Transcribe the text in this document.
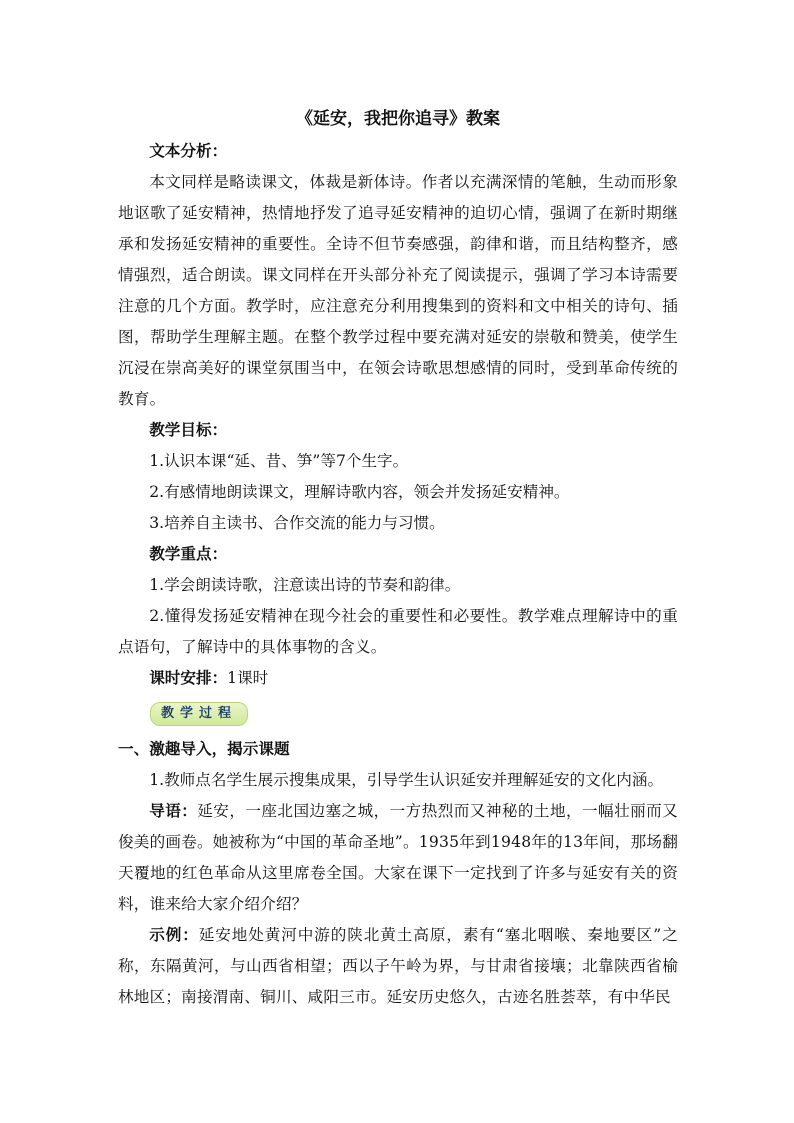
《延安，我把你追寻》教案

文本分析：

本文同样是略读课文，体裁是新体诗。作者以充满深情的笔触，生动而形象地讴歌了延安精神，热情地抒发了追寻延安精神的迫切心情，强调了在新时期继承和发扬延安精神的重要性。全诗不但节奏感强，韵律和谐，而且结构整齐，感情强烈，适合朗读。课文同样在开头部分补充了阅读提示，强调了学习本诗需要注意的几个方面。教学时，应注意充分利用搜集到的资料和文中相关的诗句、插图，帮助学生理解主题。在整个教学过程中要充满对延安的崇敬和赞美，使学生沉浸在崇高美好的课堂氛围当中，在领会诗歌思想感情的同时，受到革命传统的教育。

教学目标：

1.认识本课“延、昔、笋”等7个生字。

2.有感情地朗读课文，理解诗歌内容，领会并发扬延安精神。

3.培养自主读书、合作交流的能力与习惯。

教学重点：

1.学会朗读诗歌，注意读出诗的节奏和韵律。

2.懂得发扬延安精神在现今社会的重要性和必要性。教学难点理解诗中的重点语句，了解诗中的具体事物的含义。

课时安排：1课时

教学过程

一、激趣导入，揭示课题

1.教师点名学生展示搜集成果，引导学生认识延安并理解延安的文化内涵。

导语：延安，一座北国边塞之城，一方热烈而又神秘的土地，一幅壮丽而又俊美的画卷。她被称为“中国的革命圣地”。1935年到1948年的13年间，那场翻天覆地的红色革命从这里席卷全国。大家在课下一定找到了许多与延安有关的资料，谁来给大家介绍介绍？

示例：延安地处黄河中游的陕北黄土高原，素有“塞北咽喉、秦地要区”之称，东隔黄河，与山西省相望；西以子午岭为界，与甘肃省接壤；北靠陕西省榆林地区；南接渭南、铜川、咸阳三市。延安历史悠久，古迹名胜荟萃，有中华民
